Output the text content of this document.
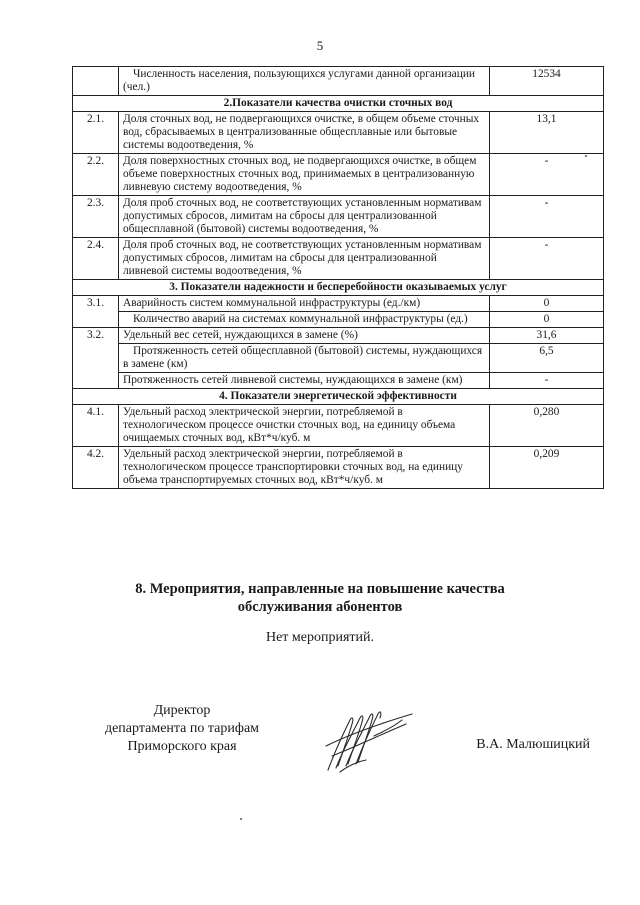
5
	Численность населения, пользующихся услугами данной организации (чел.)	12534
2.Показатели качества очистки сточных вод		
2.1.	Доля сточных вод, не подвергающихся очистке, в общем объеме сточных вод, сбрасываемых в централизованные общесплавные или бытовые системы водоотведения, %	13,1
2.2.	Доля поверхностных сточных вод, не подвергающихся очистке, в общем объеме поверхностных сточных вод, принимаемых в централизованную ливневую систему водоотведения, %	-
2.3.	Доля проб сточных вод, не соответствующих установленным нормативам допустимых сбросов, лимитам на сбросы для централизованной общесплавной (бытовой) системы водоотведения, %	-
2.4.	Доля проб сточных вод, не соответствующих установленным нормативам допустимых сбросов, лимитам на сбросы для централизованной ливневой системы водоотведения, %	-
3. Показатели надежности и бесперебойности оказываемых услуг		
3.1.	Аварийность систем коммунальной инфраструктуры (ед./км)	0
	Количество аварий на системах коммунальной инфраструктуры (ед.)	0
3.2.	Удельный вес сетей, нуждающихся в замене (%)	31,6
	Протяженность сетей общесплавной (бытовой) системы, нуждающихся в замене (км)	6,5
	Протяженность сетей ливневой системы, нуждающихся в замене (км)	-
4. Показатели энергетической эффективности		
4.1.	Удельный расход электрической энергии, потребляемой в технологическом процессе очистки сточных вод, на единицу объема очищаемых сточных вод, кВт*ч/куб. м	0,280
4.2.	Удельный расход электрической энергии, потребляемой в технологическом процессе транспортировки сточных вод, на единицу объема транспортируемых сточных вод, кВт*ч/куб. м	0,209
8. Мероприятия, направленные на повышение качества
обслуживания абонентов
Нет мероприятий.
Директор
департамента по тарифам
Приморского края	В.А. Малюшицкий
